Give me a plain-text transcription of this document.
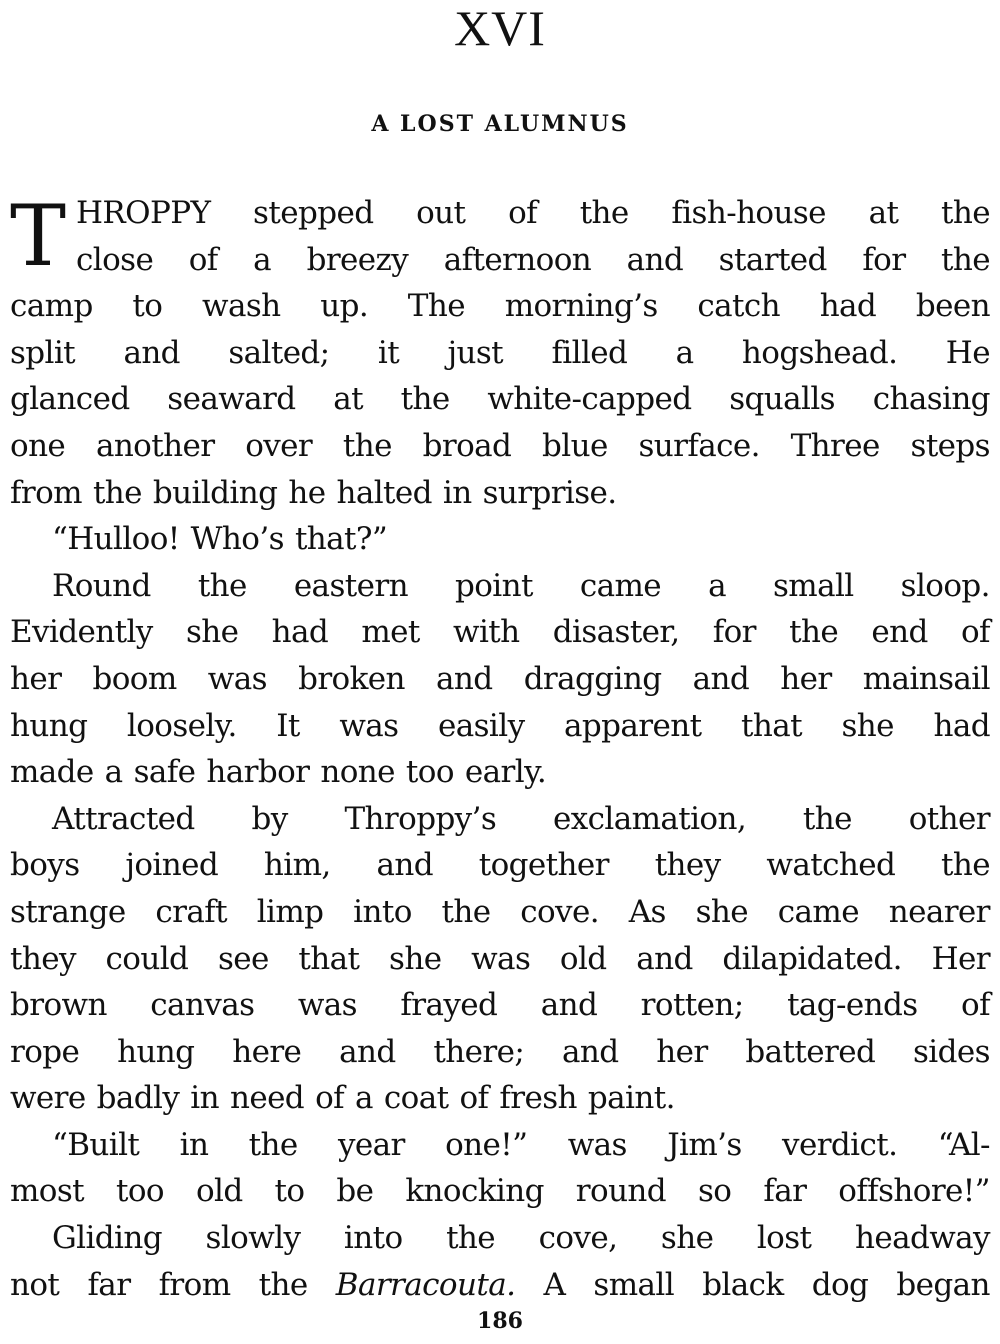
XVI
A LOST ALUMNUS
T HROPPY stepped out of the fish-house at the
close of a breezy afternoon and started for the
camp to wash up. The morning’s catch had been
split and salted; it just filled a hogshead. He
glanced seaward at the white-capped squalls chasing
one another over the broad blue surface. Three steps
from the building he halted in surprise.
“Hulloo! Who’s that?”
Round the eastern point came a small sloop.
Evidently she had met with disaster, for the end of
her boom was broken and dragging and her mainsail
hung loosely. It was easily apparent that she had
made a safe harbor none too early.
Attracted by Throppy’s exclamation, the other
boys joined him, and together they watched the
strange craft limp into the cove. As she came nearer
they could see that she was old and dilapidated. Her
brown canvas was frayed and rotten; tag-ends of
rope hung here and there; and her battered sides
were badly in need of a coat of fresh paint.
“Built in the year one!” was Jim’s verdict. “Al-
most too old to be knocking round so far offshore!”
Gliding slowly into the cove, she lost headway
not far from the Barracouta. A small black dog began
186
